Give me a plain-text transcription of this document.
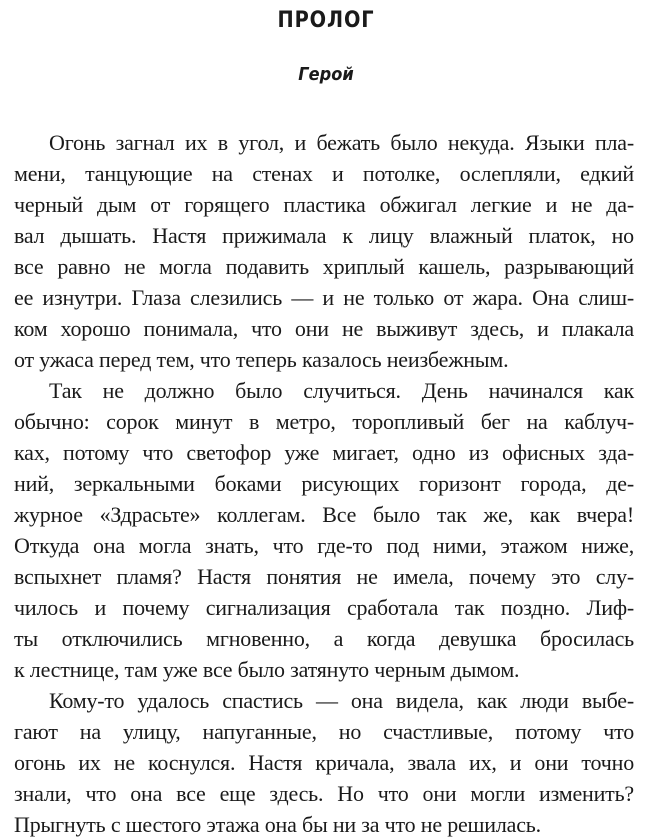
ПРОЛОГ
Герой
Огонь загнал их в угол, и бежать было некуда. Языки пла-
мени, танцующие на стенах и потолке, ослепляли, едкий
черный дым от горящего пластика обжигал легкие и не да-
вал дышать. Настя прижимала к лицу влажный платок, но
все равно не могла подавить хриплый кашель, разрывающий
ее изнутри. Глаза слезились — и не только от жара. Она слиш-
ком хорошо понимала, что они не выживут здесь, и плакала
от ужаса перед тем, что теперь казалось неизбежным.
Так не должно было случиться. День начинался как
обычно: сорок минут в метро, торопливый бег на каблуч-
ках, потому что светофор уже мигает, одно из офисных зда-
ний, зеркальными боками рисующих горизонт города, де-
журное «Здрасьте» коллегам. Все было так же, как вчера!
Откуда она могла знать, что где-то под ними, этажом ниже,
вспыхнет пламя? Настя понятия не имела, почему это слу-
чилось и почему сигнализация сработала так поздно. Лиф-
ты отключились мгновенно, а когда девушка бросилась
к лестнице, там уже все было затянуто черным дымом.
Кому-то удалось спастись — она видела, как люди выбе-
гают на улицу, напуганные, но счастливые, потому что
огонь их не коснулся. Настя кричала, звала их, и они точно
знали, что она все еще здесь. Но что они могли изменить?
Прыгнуть с шестого этажа она бы ни за что не решилась.
